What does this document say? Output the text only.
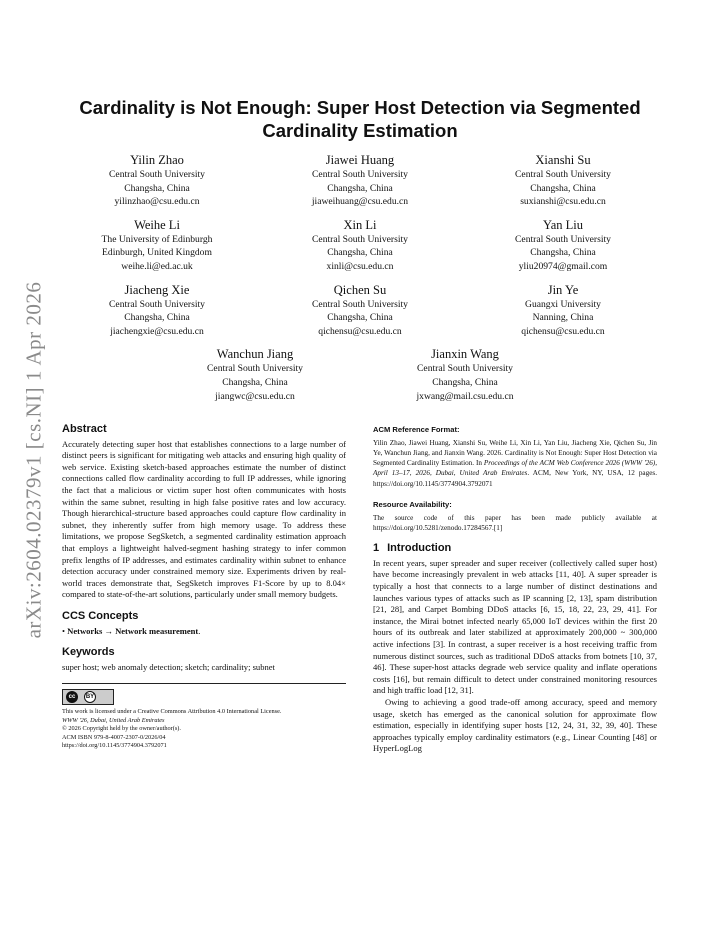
arXiv:2604.02379v1 [cs.NI] 1 Apr 2026
Cardinality is Not Enough: Super Host Detection via Segmented Cardinality Estimation
Yilin Zhao
Central South University
Changsha, China
yilinzhao@csu.edu.cn
Jiawei Huang
Central South University
Changsha, China
jiaweihuang@csu.edu.cn
Xianshi Su
Central South University
Changsha, China
suxianshi@csu.edu.cn
Weihe Li
The University of Edinburgh
Edinburgh, United Kingdom
weihe.li@ed.ac.uk
Xin Li
Central South University
Changsha, China
xinli@csu.edu.cn
Yan Liu
Central South University
Changsha, China
yliu20974@gmail.com
Jiacheng Xie
Central South University
Changsha, China
jiachengxie@csu.edu.cn
Qichen Su
Central South University
Changsha, China
qichensu@csu.edu.cn
Jin Ye
Guangxi University
Nanning, China
qichensu@csu.edu.cn
Wanchun Jiang
Central South University
Changsha, China
jiangwc@csu.edu.cn
Jianxin Wang
Central South University
Changsha, China
jxwang@mail.csu.edu.cn
Abstract

Accurately detecting super host that establishes connections to a large number of distinct peers is significant for mitigating web attacks and ensuring high quality of web service. Existing sketch-based approaches estimate the number of distinct connections called flow cardinality according to full IP addresses, while ignoring the fact that a malicious or victim super host often communicates with hosts within the same subnet, resulting in high false positive rates and low accuracy. Though hierarchical-structure based approaches could capture flow cardinality in subnet, they inherently suffer from high memory usage. To address these limitations, we propose SegSketch, a segmented cardinality estimation approach that employs a lightweight halved-segment hashing strategy to infer common prefix lengths of IP addresses, and estimates cardinality within subnet to enhance detection accuracy under constrained memory size. Experiments driven by real-world traces demonstrate that, SegSketch improves F1-Score by up to 8.04× compared to state-of-the-art solutions, particularly under small memory budgets.

CCS Concepts

• Networks → Network measurement.

Keywords

super host; web anomaly detection; sketch; cardinality; subnet

cc	BY

This work is licensed under a Creative Commons Attribution 4.0 International License.

WWW '26, Dubai, United Arab Emirates

© 2026 Copyright held by the owner/author(s).

ACM ISBN 979-8-4007-2307-0/2026/04

https://doi.org/10.1145/3774904.3792071

ACM Reference Format:

Yilin Zhao, Jiawei Huang, Xianshi Su, Weihe Li, Xin Li, Yan Liu, Jiacheng Xie, Qichen Su, Jin Ye, Wanchun Jiang, and Jianxin Wang. 2026. Cardinality is Not Enough: Super Host Detection via Segmented Cardinality Estimation. In Proceedings of the ACM Web Conference 2026 (WWW '26), April 13–17, 2026, Dubai, United Arab Emirates. ACM, New York, NY, USA, 12 pages. https://doi.org/10.1145/3774904.3792071

Resource Availability:

The source code of this paper has been made publicly available at https://doi.org/10.5281/zenodo.17284567.[1]

1 Introduction

In recent years, super spreader and super receiver (collectively called super host) have become increasingly prevalent in web attacks [11, 40]. A super spreader is typically a host that connects to a large number of distinct destinations and launches various types of attacks such as IP scanning [2, 13], spam distribution [21, 28], and Carpet Bombing DDoS attacks [6, 15, 18, 22, 23, 29, 41]. For instance, the Mirai botnet infected nearly 65,000 IoT devices within the first 20 hours of its outbreak and later stabilized at approximately 200,000 ~ 300,000 active infections [3]. In contrast, a super receiver is a host receiving traffic from numerous distinct sources, such as traditional DDoS attacks from botnets [10, 37, 46]. These super-host attacks degrade web service quality and inflate operations costs [16], but remain difficult to detect under constrained monitoring resources and high traffic load [12, 31].

Owing to achieving a good trade-off among accuracy, speed and memory usage, sketch has emerged as the canonical solution for approximate flow estimation, especially in identifying super hosts [12, 24, 31, 32, 39, 40]. These approaches typically employ cardinality estimators (e.g., Linear Counting [48] or HyperLogLog
